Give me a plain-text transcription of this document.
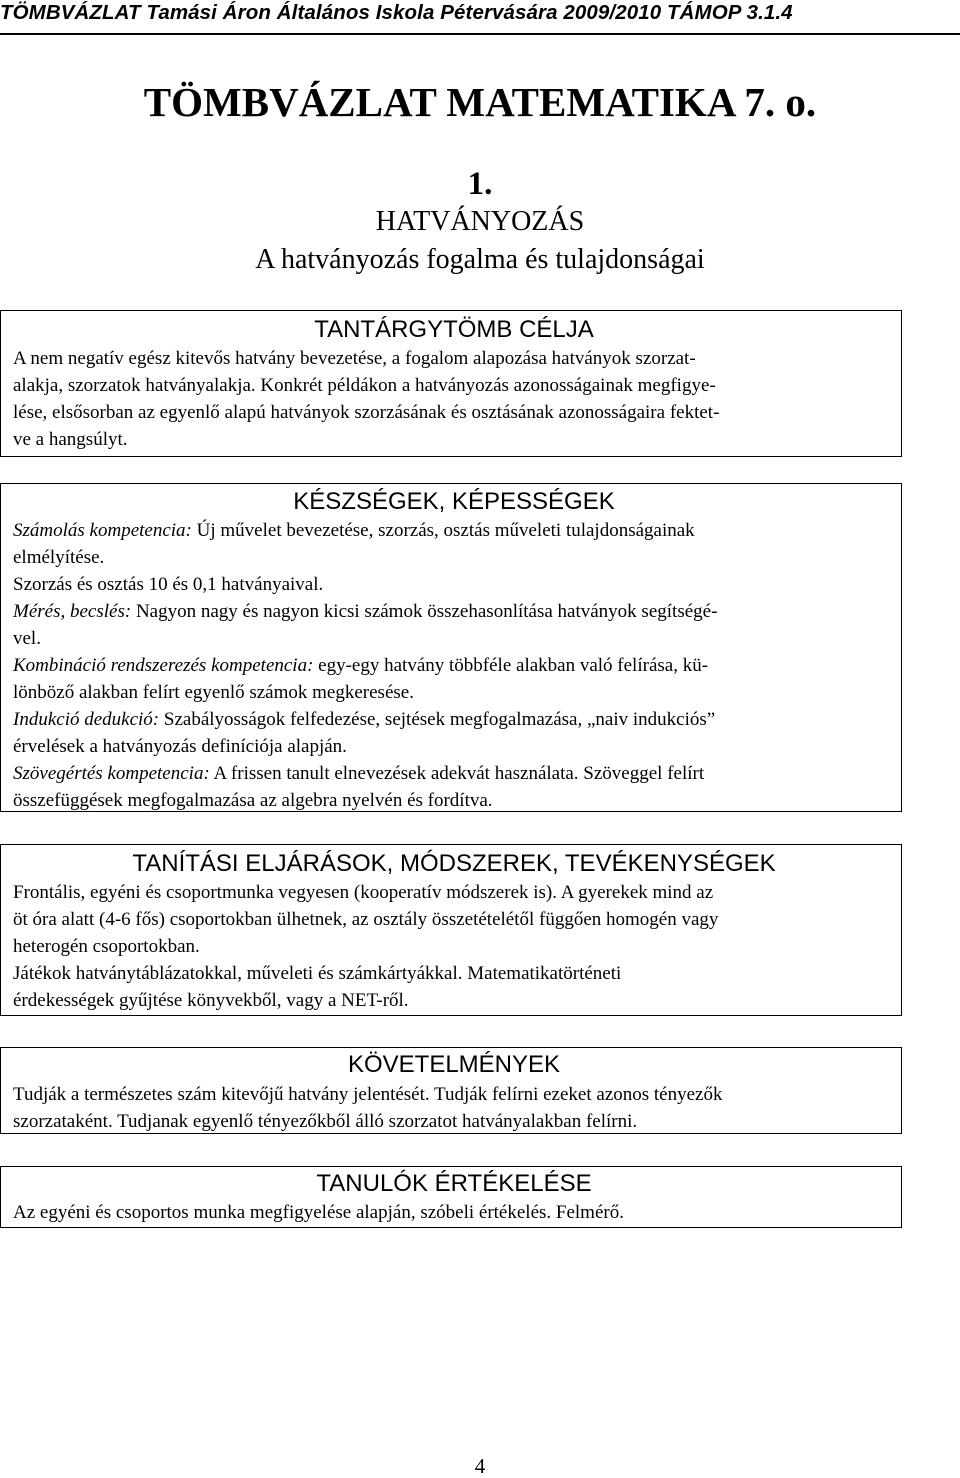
TÖMBVÁZLAT Tamási Áron Általános Iskola Pétervására 2009/2010 TÁMOP 3.1.4
TÖMBVÁZLAT MATEMATIKA 7. o.
1.
HATVÁNYOZÁS
A hatványozás fogalma és tulajdonságai
TANTÁRGYTÖMB CÉLJA

A nem negatív egész kitevős hatvány bevezetése, a fogalom alapozása hatványok szorzat-

alakja, szorzatok hatványalakja. Konkrét példákon a hatványozás azonosságainak megfigye-

lése, elsősorban az egyenlő alapú hatványok szorzásának és osztásának azonosságaira fektet-

ve a hangsúlyt.

KÉSZSÉGEK, KÉPESSÉGEK

Számolás kompetencia: Új művelet bevezetése, szorzás, osztás műveleti tulajdonságainak

elmélyítése.

Szorzás és osztás 10 és 0,1 hatványaival.

Mérés, becslés: Nagyon nagy és nagyon kicsi számok összehasonlítása hatványok segítségé-

vel.

Kombináció rendszerezés kompetencia: egy-egy hatvány többféle alakban való felírása, kü-

lönböző alakban felírt egyenlő számok megkeresése.

Indukció dedukció: Szabályosságok felfedezése, sejtések megfogalmazása, „naiv indukciós”

érvelések a hatványozás definíciója alapján.

Szövegértés kompetencia: A frissen tanult elnevezések adekvát használata. Szöveggel felírt

összefüggések megfogalmazása az algebra nyelvén és fordítva.

TANÍTÁSI ELJÁRÁSOK, MÓDSZEREK, TEVÉKENYSÉGEK

Frontális, egyéni és csoportmunka vegyesen (kooperatív módszerek is). A gyerekek mind az

öt óra alatt (4-6 fős) csoportokban ülhetnek, az osztály összetételétől függően homogén vagy

heterogén csoportokban.

Játékok hatványtáblázatokkal, műveleti és számkártyákkal. Matematikatörténeti

érdekességek gyűjtése könyvekből, vagy a NET-ről.

KÖVETELMÉNYEK

Tudják a természetes szám kitevőjű hatvány jelentését. Tudják felírni ezeket azonos tényezők

szorzataként. Tudjanak egyenlő tényezőkből álló szorzatot hatványalakban felírni.

TANULÓK ÉRTÉKELÉSE

Az egyéni és csoportos munka megfigyelése alapján, szóbeli értékelés. Felmérő.

4
